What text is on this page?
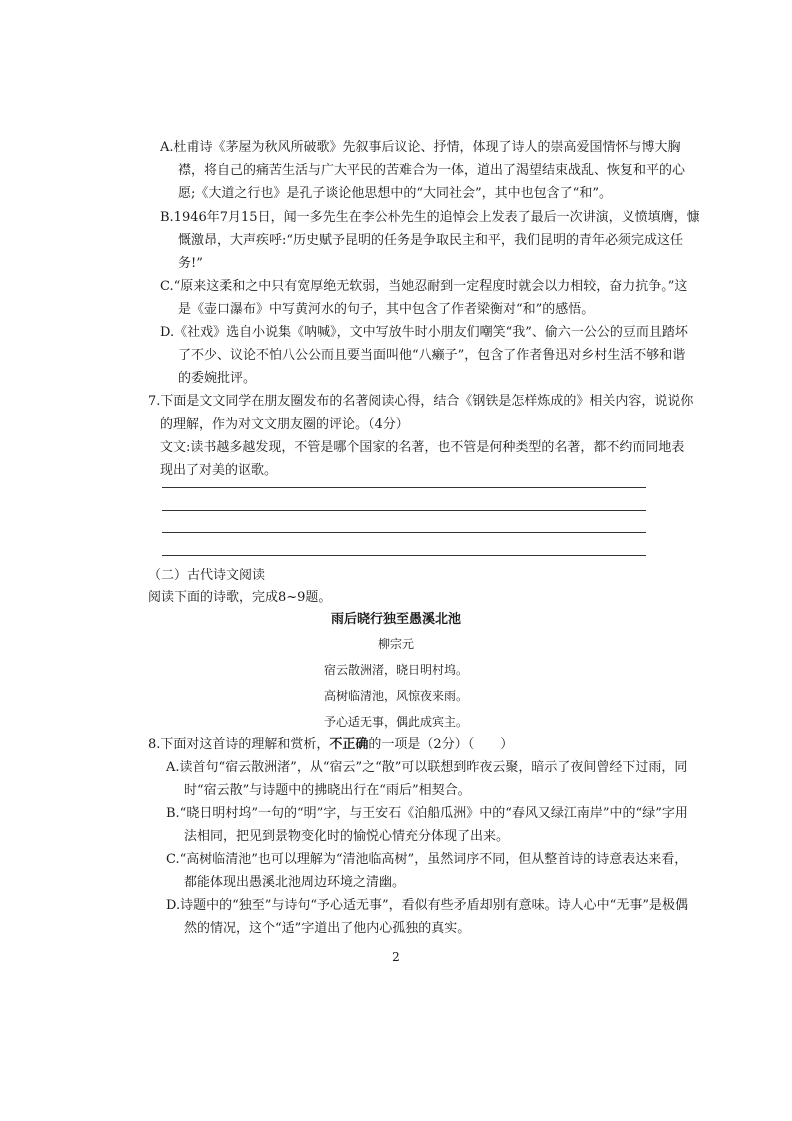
A.杜甫诗《茅屋为秋风所破歌》先叙事后议论、抒情，体现了诗人的崇高爱国情怀与博大胸
襟，将自己的痛苦生活与广大平民的苦难合为一体，道出了渴望结束战乱、恢复和平的心
愿;《大道之行也》是孔子谈论他思想中的“大同社会”，其中也包含了“和”。
B.1946年7月15日，闻一多先生在李公朴先生的追悼会上发表了最后一次讲演，义愤填膺，慷
慨激昂，大声疾呼:“历史赋予昆明的任务是争取民主和平，我们昆明的青年必须完成这任
务!”
C.“原来这柔和之中只有宽厚绝无软弱，当她忍耐到一定程度时就会以力相较，奋力抗争。”这
是《壶口瀑布》中写黄河水的句子，其中包含了作者梁衡对“和”的感悟。
D.《社戏》选自小说集《呐喊》，文中写放牛时小朋友们嘲笑“我”、偷六一公公的豆而且踏坏
了不少、议论不怕八公公而且要当面叫他“八癞子”，包含了作者鲁迅对乡村生活不够和谐
的委婉批评。
7.下面是文文同学在朋友圈发布的名著阅读心得，结合《钢铁是怎样炼成的》相关内容，说说你
的理解，作为对文文朋友圈的评论。（4分）
文文:读书越多越发现，不管是哪个国家的名著，也不管是何种类型的名著，都不约而同地表
现出了对美的讴歌。
（二）古代诗文阅读
阅读下面的诗歌，完成8~9题。
雨后晓行独至愚溪北池
柳宗元
宿云散洲渚，晓日明村坞。
高树临清池，风惊夜来雨。
予心适无事，偶此成宾主。
8.下面对这首诗的理解和赏析，不正确的一项是（2分）（　　）
A.读首句“宿云散洲渚”，从“宿云”之“散”可以联想到昨夜云聚，暗示了夜间曾经下过雨，同
时“宿云散”与诗题中的拂晓出行在“雨后”相契合。
B.“晓日明村坞”一句的“明”字，与王安石《泊船瓜洲》中的“春风又绿江南岸”中的“绿”字用
法相同，把见到景物变化时的愉悦心情充分体现了出来。
C.“高树临清池”也可以理解为“清池临高树”，虽然词序不同，但从整首诗的诗意表达来看，
都能体现出愚溪北池周边环境之清幽。
D.诗题中的“独至”与诗句“予心适无事”，看似有些矛盾却别有意味。诗人心中“无事”是极偶
然的情况，这个“适”字道出了他内心孤独的真实。
2
